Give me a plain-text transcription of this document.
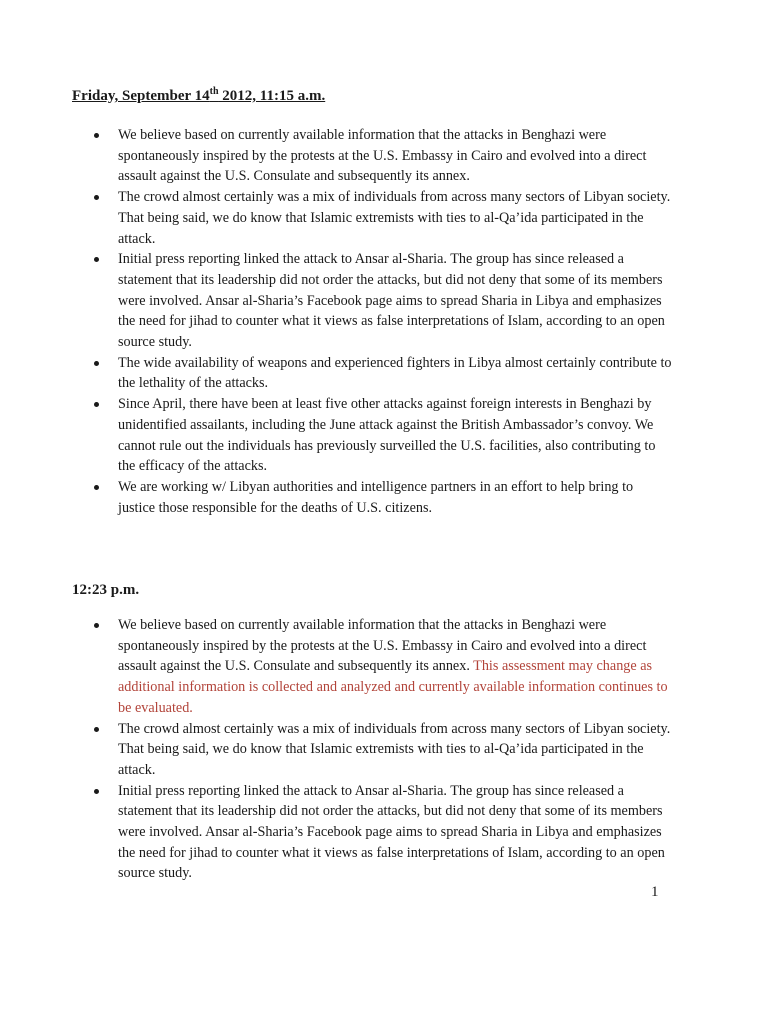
Friday, September 14th 2012, 11:15 a.m.
We believe based on currently available information that the attacks in Benghazi were spontaneously inspired by the protests at the U.S. Embassy in Cairo and evolved into a direct assault against the U.S. Consulate and subsequently its annex.
The crowd almost certainly was a mix of individuals from across many sectors of Libyan society. That being said, we do know that Islamic extremists with ties to al-Qa’ida participated in the attack.
Initial press reporting linked the attack to Ansar al-Sharia. The group has since released a statement that its leadership did not order the attacks, but did not deny that some of its members were involved. Ansar al-Sharia’s Facebook page aims to spread Sharia in Libya and emphasizes the need for jihad to counter what it views as false interpretations of Islam, according to an open source study.
The wide availability of weapons and experienced fighters in Libya almost certainly contribute to the lethality of the attacks.
Since April, there have been at least five other attacks against foreign interests in Benghazi by unidentified assailants, including the June attack against the British Ambassador’s convoy. We cannot rule out the individuals has previously surveilled the U.S. facilities, also contributing to the efficacy of the attacks.
We are working w/ Libyan authorities and intelligence partners in an effort to help bring to justice those responsible for the deaths of U.S. citizens.
12:23 p.m.
We believe based on currently available information that the attacks in Benghazi were spontaneously inspired by the protests at the U.S. Embassy in Cairo and evolved into a direct assault against the U.S. Consulate and subsequently its annex. This assessment may change as additional information is collected and analyzed and currently available information continues to be evaluated.
The crowd almost certainly was a mix of individuals from across many sectors of Libyan society. That being said, we do know that Islamic extremists with ties to al-Qa’ida participated in the attack.
Initial press reporting linked the attack to Ansar al-Sharia. The group has since released a statement that its leadership did not order the attacks, but did not deny that some of its members were involved. Ansar al-Sharia’s Facebook page aims to spread Sharia in Libya and emphasizes the need for jihad to counter what it views as false interpretations of Islam, according to an open source study.
1
